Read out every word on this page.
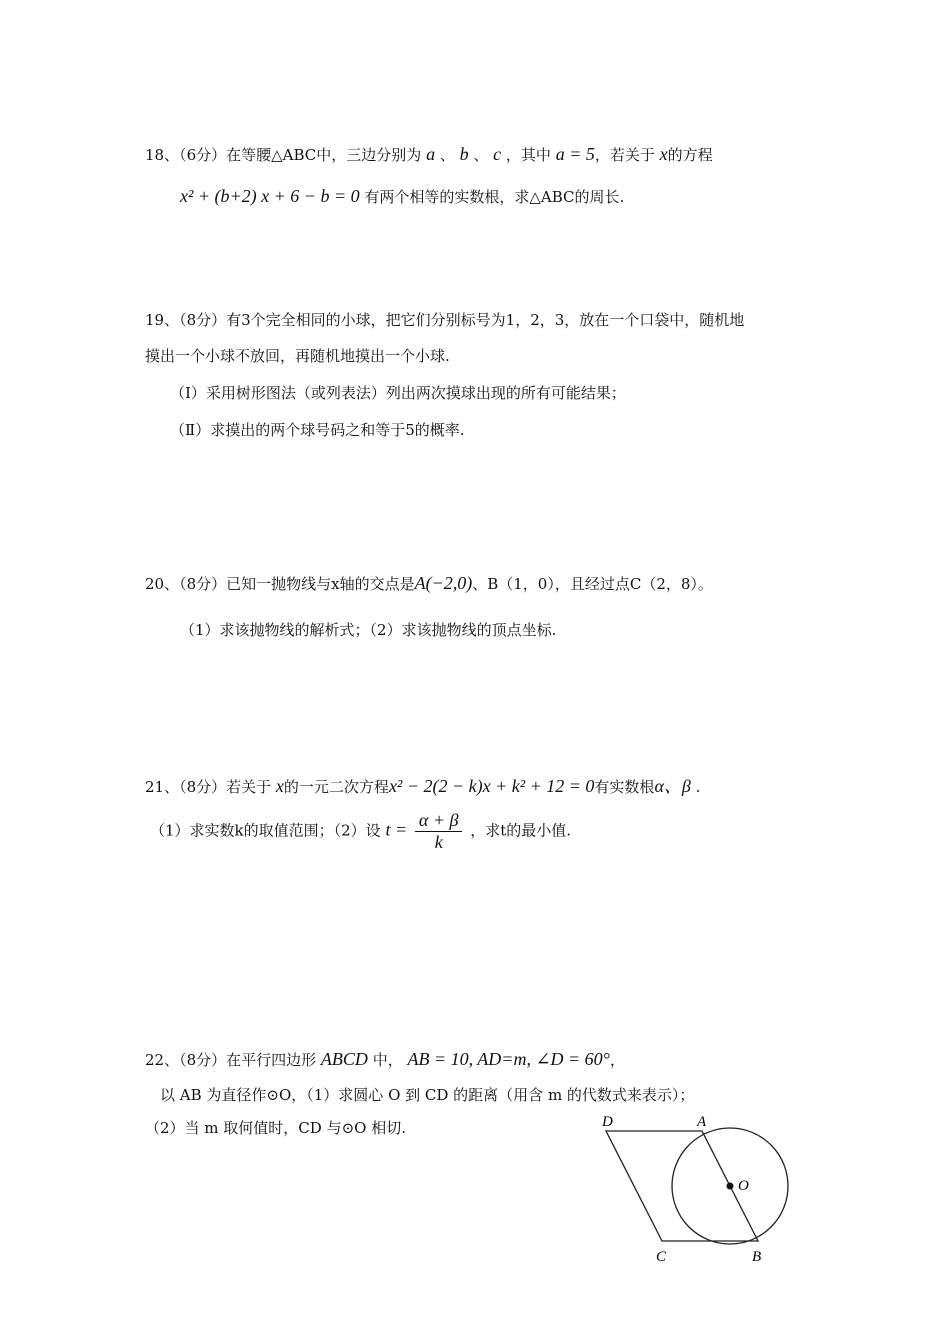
18、（6分）在等腰△ABC中，三边分别为 a 、 b 、 c ，其中 a = 5，若关于 x的方程
x² + (b+2) x + 6 − b = 0 有两个相等的实数根，求△ABC的周长.
19、（8分）有3个完全相同的小球，把它们分别标号为1，2，3，放在一个口袋中，随机地
摸出一个小球不放回，再随机地摸出一个小球.
（Ⅰ）采用树形图法（或列表法）列出两次摸球出现的所有可能结果；
（Ⅱ）求摸出的两个球号码之和等于5的概率.
20、（8分）已知一抛物线与x轴的交点是A(−2,0)、B（1，0），且经过点C（2，8）。
（1）求该抛物线的解析式；（2）求该抛物线的顶点坐标.
21、（8分）若关于 x的一元二次方程x² − 2(2 − k)x + k² + 12 = 0有实数根α、β .
（1）求实数k的取值范围；（2）设 $t = \frac{\alpha + \beta}{k}$ ，求t的最小值.
22、（8分）在平行四边形 ABCD 中， AB = 10, AD=m, ∠D = 60°，
以 AB 为直径作⊙O，（1）求圆心 O 到 CD 的距离（用含 m 的代数式来表示）；
（2）当 m 取何值时，CD 与⊙O 相切.	D	A
O
C	B
